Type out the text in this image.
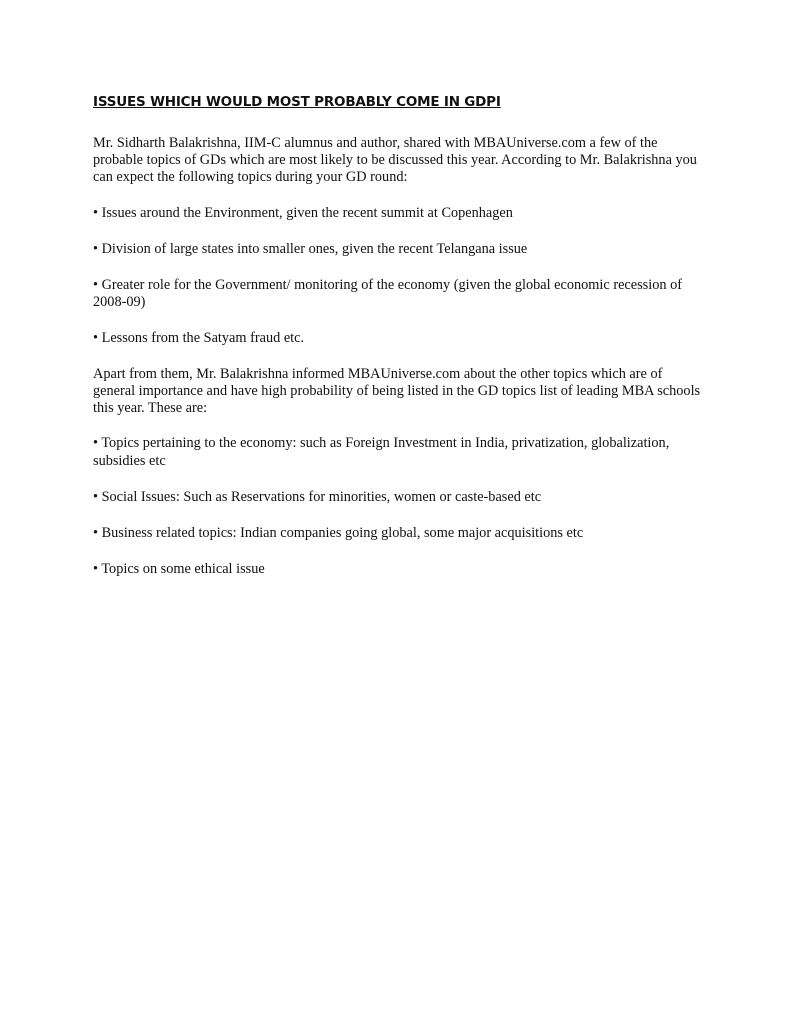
ISSUES WHICH WOULD MOST PROBABLY COME IN GDPI

Mr. Sidharth Balakrishna, IIM-C alumnus and author, shared with MBAUniverse.com a few of the probable topics of GDs which are most likely to be discussed this year. According to Mr. Balakrishna you can expect the following topics during your GD round:

• Issues around the Environment, given the recent summit at Copenhagen

• Division of large states into smaller ones, given the recent Telangana issue

• Greater role for the Government/ monitoring of the economy (given the global economic recession of 2008-09)

• Lessons from the Satyam fraud etc.

Apart from them, Mr. Balakrishna informed MBAUniverse.com about the other topics which are of general importance and have high probability of being listed in the GD topics list of leading MBA schools this year. These are:

• Topics pertaining to the economy: such as Foreign Investment in India, privatization, globalization, subsidies etc

• Social Issues: Such as Reservations for minorities, women or caste-based etc

• Business related topics: Indian companies going global, some major acquisitions etc

• Topics on some ethical issue
